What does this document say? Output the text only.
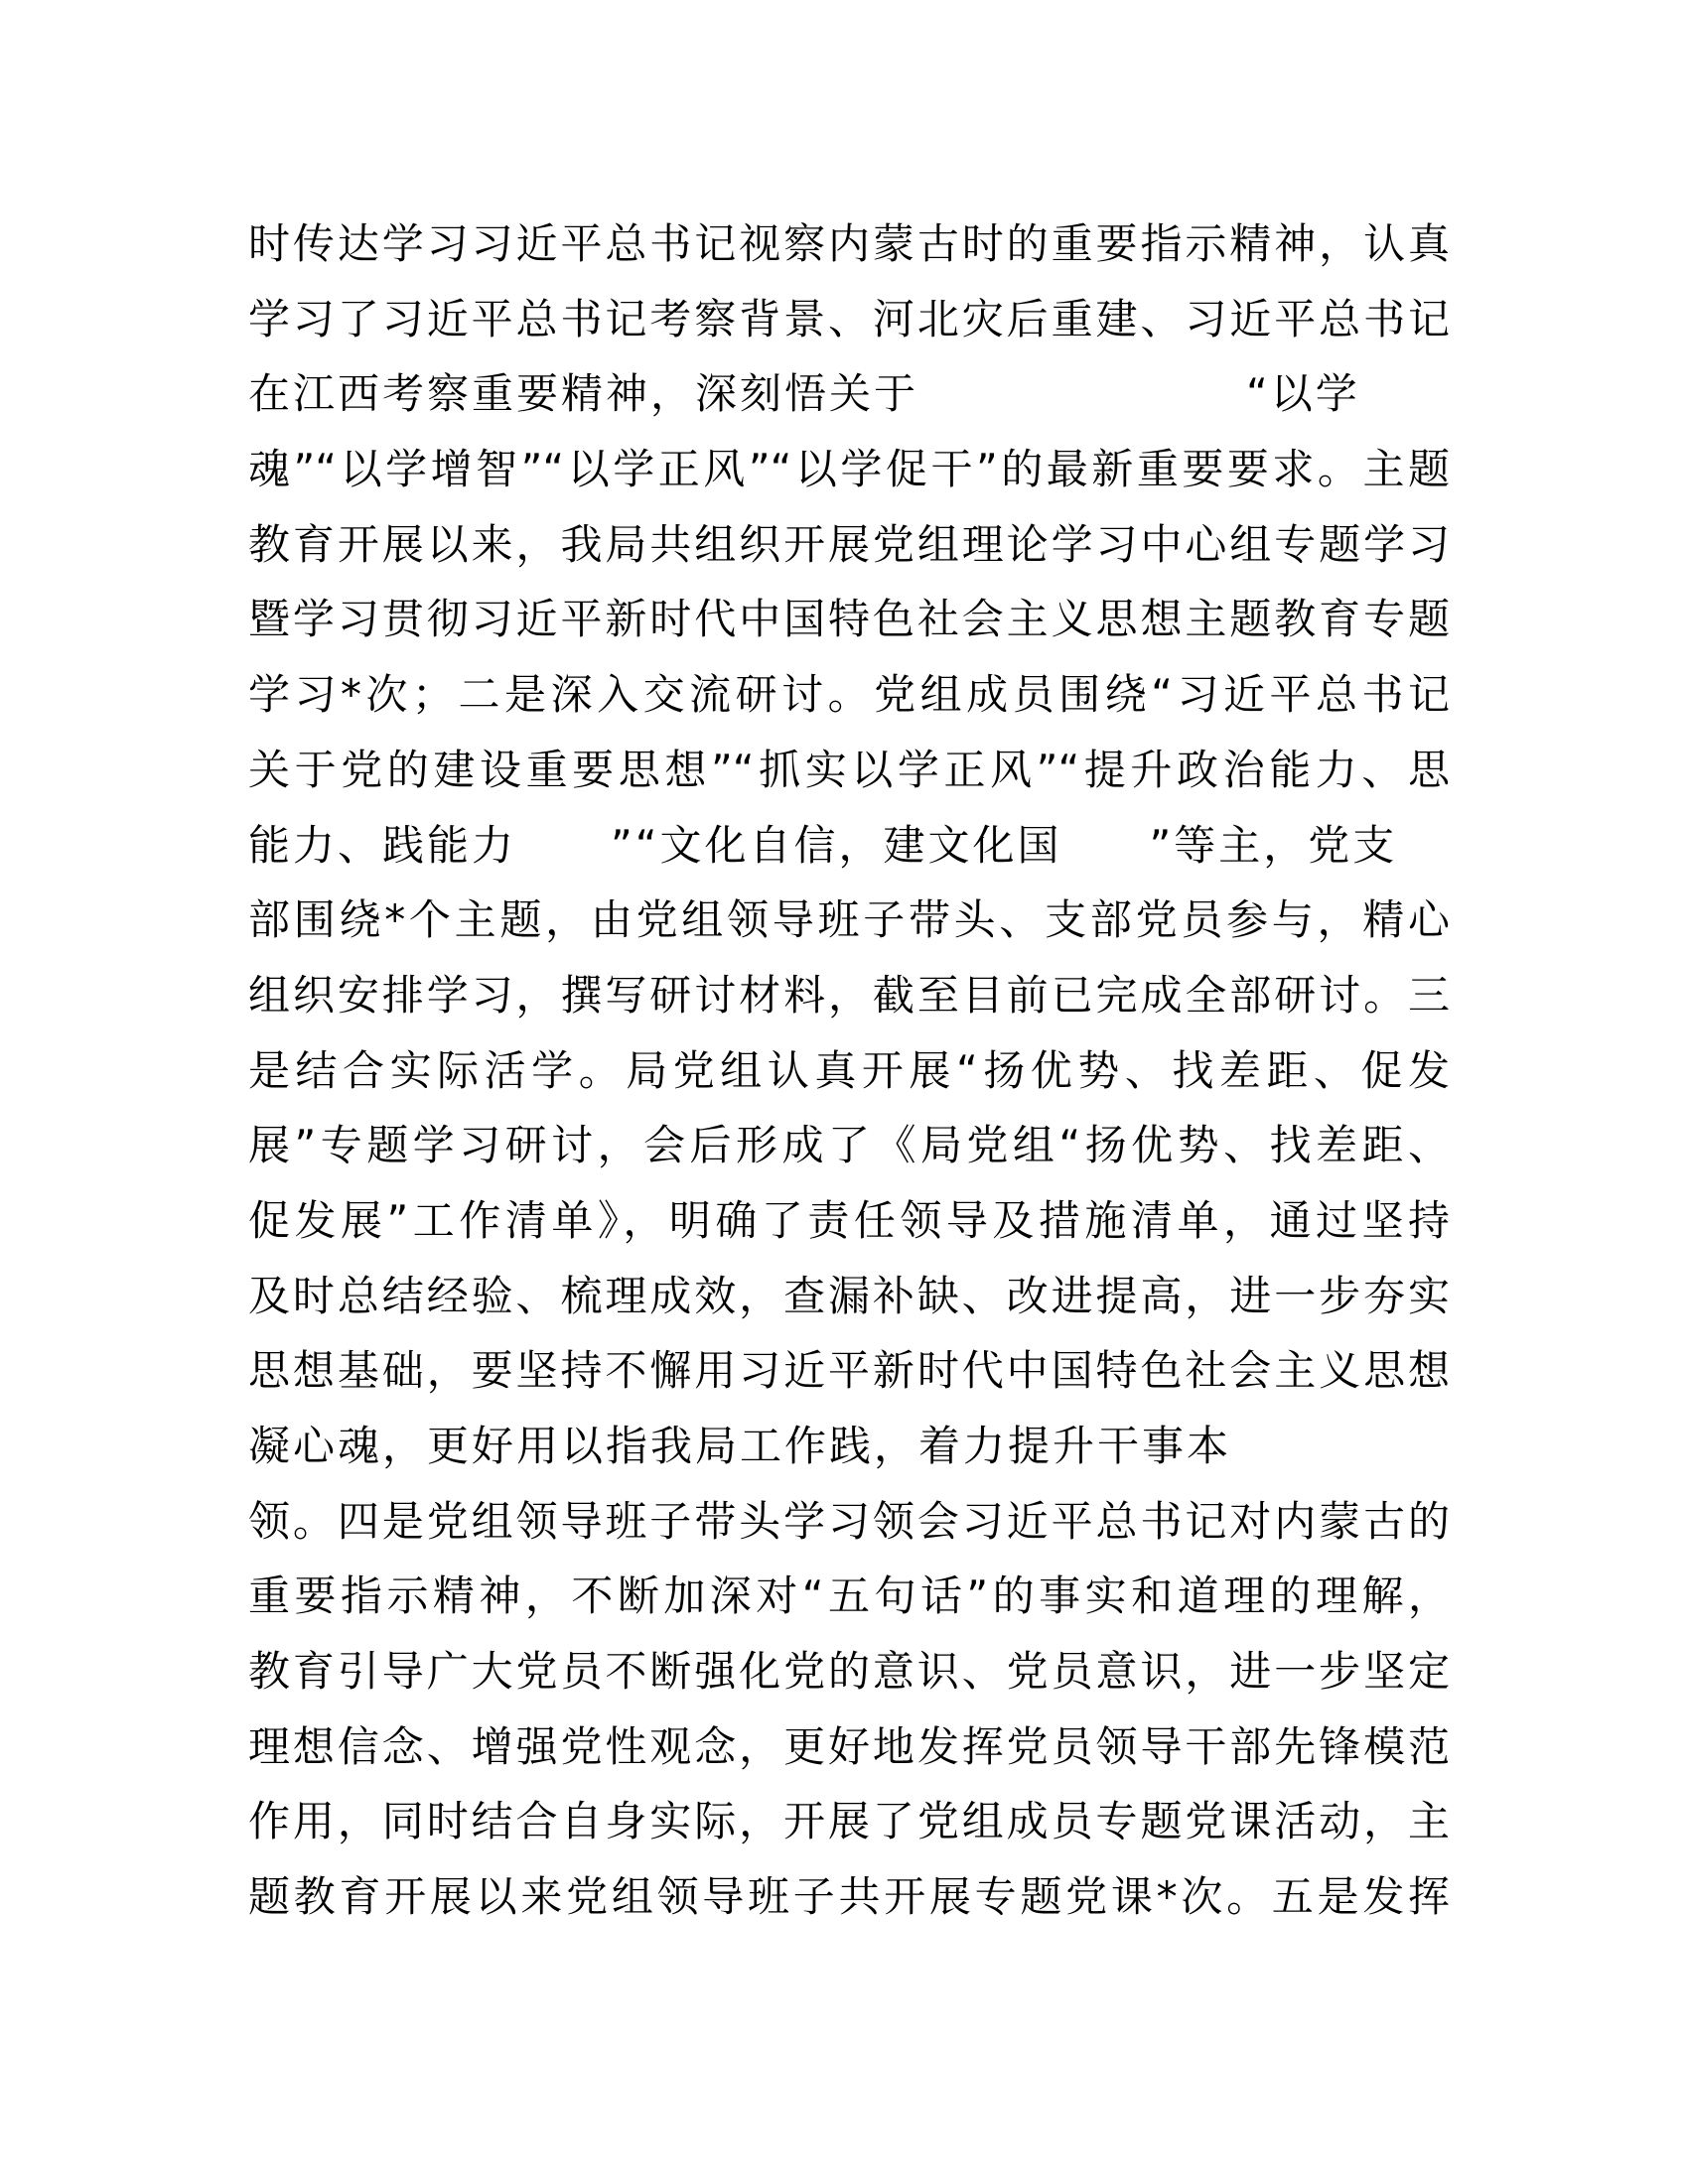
时传达学习习近平总书记视察内蒙古时的重要指示精神，认真
学习了习近平总书记考察背景、河北灾后重建、习近平总书记
在江西考察重要精神，深刻悟关于	“以学
魂”“以学增智”“以学正风”“以学促干”的最新重要要求。主题
教育开展以来，我局共组织开展党组理论学习中心组专题学习
暨学习贯彻习近平新时代中国特色社会主义思想主题教育专题
学习*次；二是深入交流研讨。党组成员围绕“习近平总书记
关于党的建设重要思想”“抓实以学正风”“提升政治能力、思
能力、践能力 ”“文化自信，建文化国 ”等主，党支
部围绕*个主题，由党组领导班子带头、支部党员参与，精心
组织安排学习，撰写研讨材料，截至目前已完成全部研讨。三
是结合实际活学。局党组认真开展“扬优势、找差距、促发
展”专题学习研讨，会后形成了《局党组“扬优势、找差距、
促发展”工作清单》，明确了责任领导及措施清单，通过坚持
及时总结经验、梳理成效，查漏补缺、改进提高，进一步夯实
思想基础，要坚持不懈用习近平新时代中国特色社会主义思想
凝心魂，更好用以指我局工作践，着力提升干事本
领。四是党组领导班子带头学习领会习近平总书记对内蒙古的
重要指示精神，不断加深对“五句话”的事实和道理的理解，
教育引导广大党员不断强化党的意识、党员意识，进一步坚定
理想信念、增强党性观念，更好地发挥党员领导干部先锋模范
作用，同时结合自身实际，开展了党组成员专题党课活动，主
题教育开展以来党组领导班子共开展专题党课*次。五是发挥
